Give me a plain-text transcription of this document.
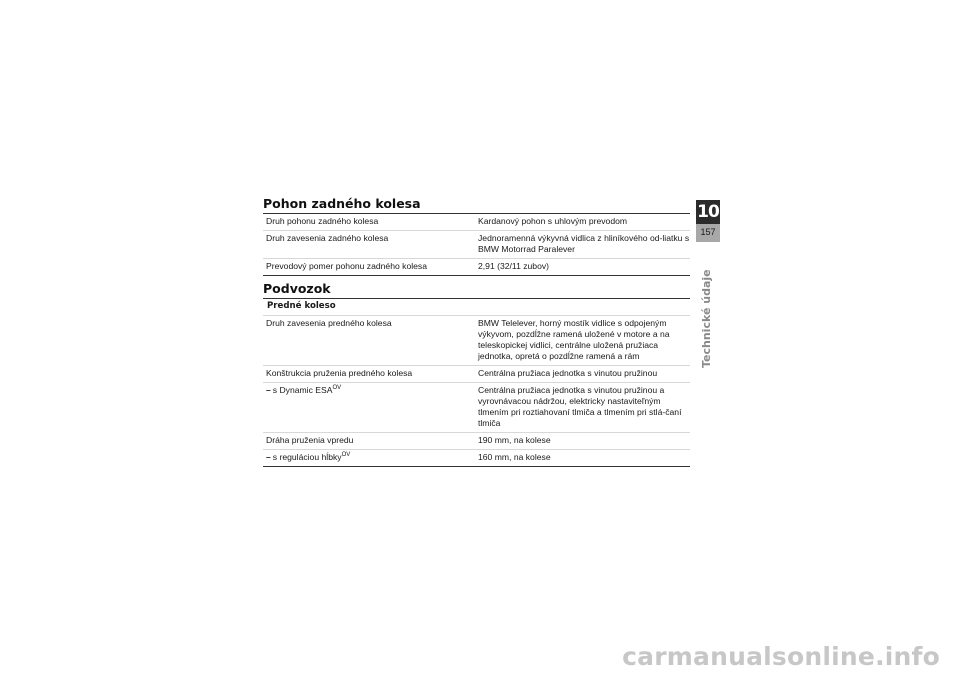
Pohon zadného kolesa
Druh pohonu zadného kolesa	Kardanový pohon s uhlovým prevodom
Druh zavesenia zadného kolesa	Jednoramenná výkyvná vidlica z hliníkového od-liatku s BMW Motorrad Paralever
Prevodový pomer pohonu zadného kolesa	2,91 (32/11 zubov)
Podvozok
Predné koleso
Druh zavesenia predného kolesa	BMW Telelever, horný mostík vidlice s odpojeným výkyvom, pozdĺžne ramená uložené v motore a na teleskopickej vidlici, centrálne uložená pružiaca jednotka, opretá o pozdĺžne ramená a rám
Konštrukcia pruženia predného kolesa	Centrálna pružiaca jednotka s vinutou pružinou
– s Dynamic $ESA^{OV}$	Centrálna pružiaca jednotka s vinutou pružinou a vyrovnávacou nádržou, elektricky nastaviteľným tlmením pri roztiahovaní tlmiča a tlmením pri stlá-čaní tlmiča
Dráha pruženia vpredu	190 mm, na kolese
– s reguláciou hĺbky$^{OV}$	160 mm, na kolese
10
157
Technické údaje
carmanualsonline.info
